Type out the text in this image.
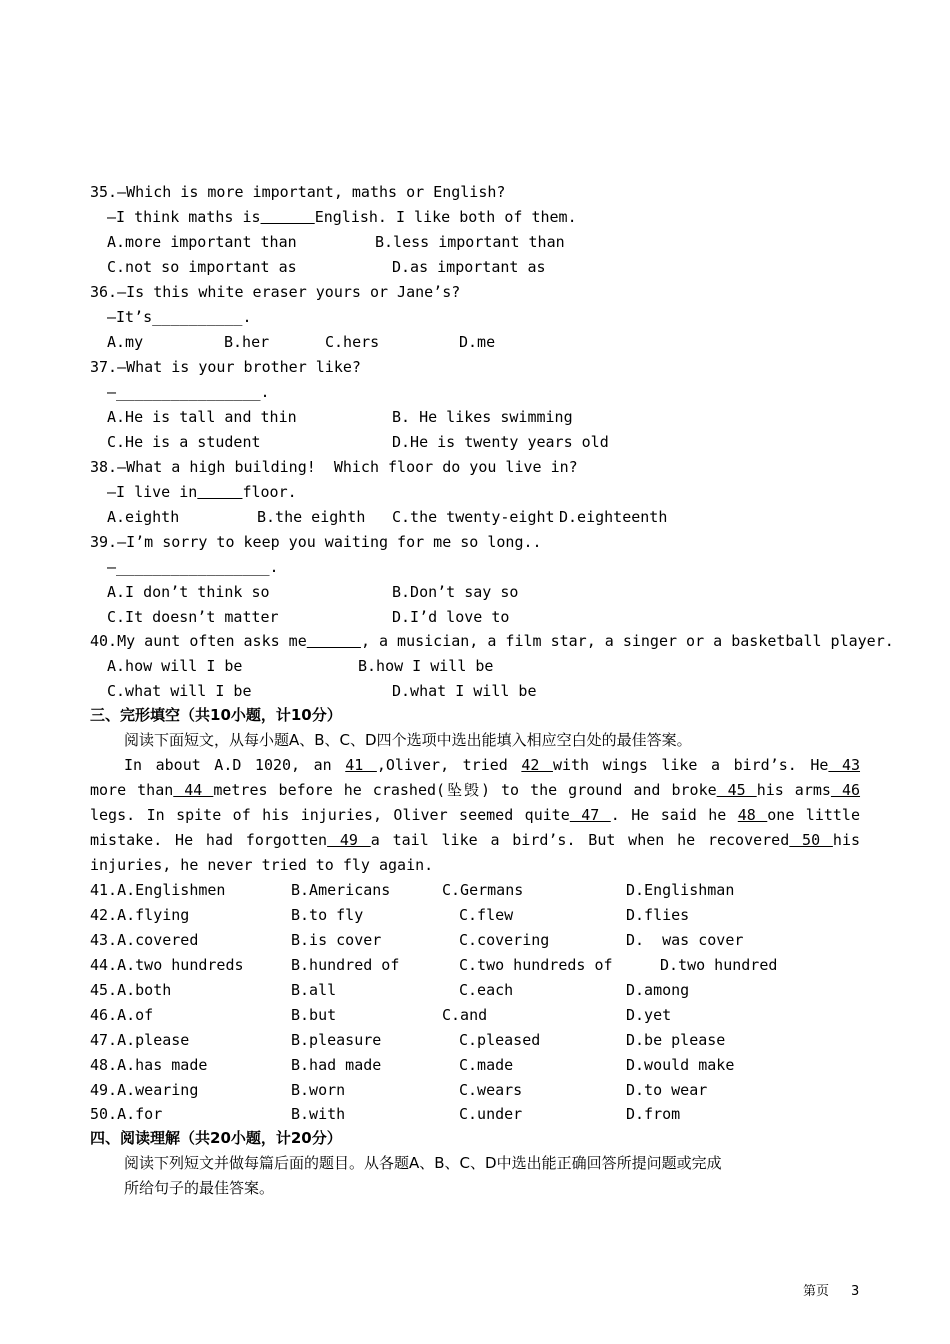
35.—Which is more important, maths or English?
—I think maths is	English. I like both of them.
A.more important than	B.less important than
C.not so important as	D.as important as
36.—Is this white eraser yours or Jane’s?
—It’s__________.
A.my	B.her	C.hers	D.me
37.—What is your brother like?
—________________.
A.He is tall and thin	B. He likes swimming
C.He is a student	D.He is twenty years old
38.—What a high building!  Which floor do you live in?
—I live in	floor.
A.eighth	B.the eighth C.the twenty-eight D.eighteenth
39.—I’m sorry to keep you waiting for me so long..
—_________________.
A.I don’t think so	B.Don’t say so
C.It doesn’t matter	D.I’d love to
40.My aunt often asks me	, a musician, a film star, a singer or a basketball player.
A.how will I be	B.how I will be
C.what will I be	D.what I will be
三、完形填空（共10小题，计10分）
阅读下面短文，从每小题A、B、C、D四个选项中选出能填入相应空白处的最佳答案。
In about A.D 1020, an 41 ,Oliver, tried 42 with wings like a bird’s. He 43
more than 44 metres before he crashed(坠毁) to the ground and broke 45 his arms 46
legs. In spite of his injuries, Oliver seemed quite 47 . He said he 48 one little
mistake. He had forgotten 49 a tail like a bird’s. But when he recovered 50 his
injuries, he never tried to fly again.
41.A.Englishmen	B.Americans	C.Germans	D.Englishman
42.A.flying	B.to fly	C.flew	D.flies
43.A.covered	B.is cover	C.covering	D.  was cover
44.A.two hundreds	B.hundred of	C.two hundreds of	D.two hundred
45.A.both	B.all	C.each	D.among
46.A.of	B.but	C.and	D.yet
47.A.please	B.pleasure	C.pleased	D.be please
48.A.has made	B.had made	C.made	D.would make
49.A.wearing	B.worn	C.wears	D.to wear
50.A.for	B.with	C.under	D.from
四、阅读理解（共20小题，计20分）
阅读下列短文并做每篇后面的题目。从各题A、B、C、D中选出能正确回答所提问题或完成
所给句子的最佳答案。
第页 3
